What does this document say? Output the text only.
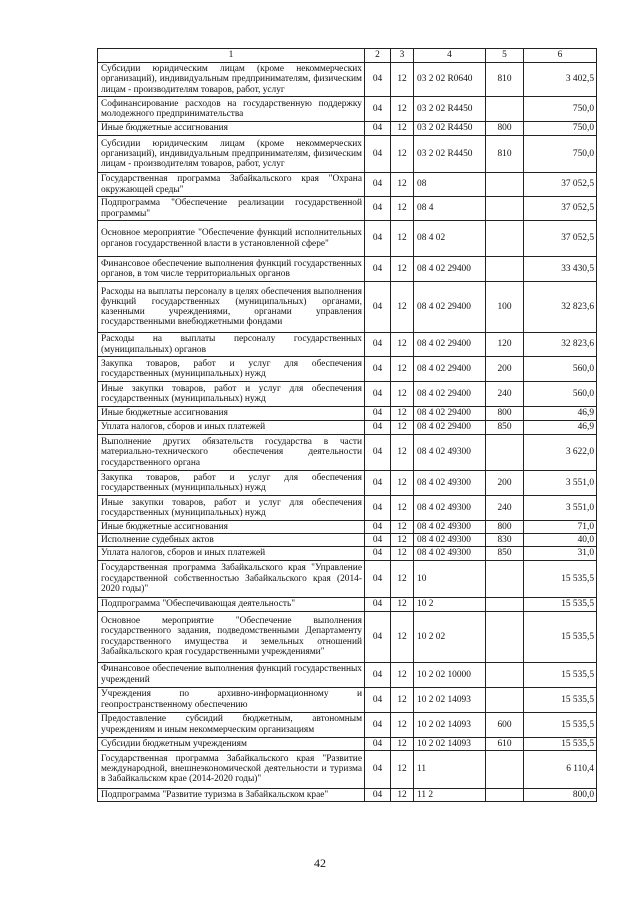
1	2	3	4	5	6
Субсидии юридическим лицам (кроме некоммерческих организаций), индивидуальным предпринимателям, физическим лицам - производителям товаров, работ, услуг	04	12	03 2 02 R0640	810	3 402,5
Софинансирование расходов на государственную поддержку молодежного предпринимательства	04	12	03 2 02 R4450		750,0
Иные бюджетные ассигнования	04	12	03 2 02 R4450	800	750,0
Субсидии юридическим лицам (кроме некоммерческих организаций), индивидуальным предпринимателям, физическим лицам - производителям товаров, работ, услуг	04	12	03 2 02 R4450	810	750,0
Государственная программа Забайкальского края "Охрана окружающей среды"	04	12	08		37 052,5
Подпрограмма "Обеспечение реализации государственной программы"	04	12	08 4		37 052,5
Основное мероприятие "Обеспечение функций исполнительных органов государственной власти в установленной сфере"	04	12	08 4 02		37 052,5
Финансовое обеспечение выполнения функций государственных органов, в том числе территориальных органов	04	12	08 4 02 29400		33 430,5
Расходы на выплаты персоналу в целях обеспечения выполнения функций государственных (муниципальных) органами, казенными учреждениями, органами управления государственными внебюджетными фондами	04	12	08 4 02 29400	100	32 823,6
Расходы на выплаты персоналу государственных (муниципальных) органов	04	12	08 4 02 29400	120	32 823,6
Закупка товаров, работ и услуг для обеспечения государственных (муниципальных) нужд	04	12	08 4 02 29400	200	560,0
Иные закупки товаров, работ и услуг для обеспечения государственных (муниципальных) нужд	04	12	08 4 02 29400	240	560,0
Иные бюджетные ассигнования	04	12	08 4 02 29400	800	46,9
Уплата налогов, сборов и иных платежей	04	12	08 4 02 29400	850	46,9
Выполнение других обязательств государства в части материально-технического обеспечения деятельности государственного органа	04	12	08 4 02 49300		3 622,0
Закупка товаров, работ и услуг для обеспечения государственных (муниципальных) нужд	04	12	08 4 02 49300	200	3 551,0
Иные закупки товаров, работ и услуг для обеспечения государственных (муниципальных) нужд	04	12	08 4 02 49300	240	3 551,0
Иные бюджетные ассигнования	04	12	08 4 02 49300	800	71,0
Исполнение судебных актов	04	12	08 4 02 49300	830	40,0
Уплата налогов, сборов и иных платежей	04	12	08 4 02 49300	850	31,0
Государственная программа Забайкальского края "Управление государственной собственностью Забайкальского края (2014-2020 годы)"	04	12	10		15 535,5
Подпрограмма "Обеспечивающая деятельность"	04	12	10 2		15 535,5
Основное мероприятие "Обеспечение выполнения государственного задания, подведомственными Департаменту государственного имущества и земельных отношений Забайкальского края государственными учреждениями"	04	12	10 2 02		15 535,5
Финансовое обеспечение выполнения функций государственных учреждений	04	12	10 2 02 10000		15 535,5
Учреждения по архивно-информационному и геопространственному обеспечению	04	12	10 2 02 14093		15 535,5
Предоставление субсидий бюджетным, автономным учреждениям и иным некоммерческим организациям	04	12	10 2 02 14093	600	15 535,5
Субсидии бюджетным учреждениям	04	12	10 2 02 14093	610	15 535,5
Государственная программа Забайкальского края "Развитие международной, внешнеэкономической деятельности и туризма в Забайкальском крае (2014-2020 годы)"	04	12	11		6 110,4
Подпрограмма "Развитие туризма в Забайкальском крае"	04	12	11 2		800,0
42
